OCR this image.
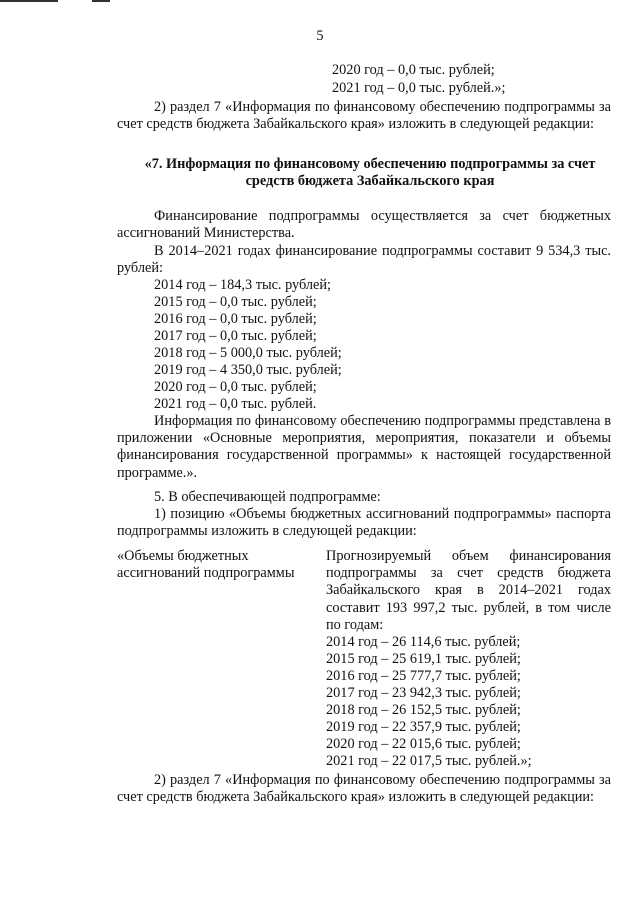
5
2020 год – 0,0 тыс. рублей;
2021 год – 0,0 тыс. рублей.»;
2) раздел 7 «Информация по финансовому обеспечению подпрограммы за счет средств бюджета Забайкальского края» изложить в следующей редакции:
«7. Информация по финансовому обеспечению подпрограммы за счет средств бюджета Забайкальского края
Финансирование подпрограммы осуществляется за счет бюджетных ассигнований Министерства.
В 2014–2021 годах финансирование подпрограммы составит 9 534,3 тыс. рублей:
2014 год – 184,3 тыс. рублей;
2015 год – 0,0 тыс. рублей;
2016 год – 0,0 тыс. рублей;
2017 год – 0,0 тыс. рублей;
2018 год – 5 000,0 тыс. рублей;
2019 год – 4 350,0 тыс. рублей;
2020 год – 0,0 тыс. рублей;
2021 год – 0,0 тыс. рублей.
Информация по финансовому обеспечению подпрограммы представлена в приложении «Основные мероприятия, мероприятия, показатели и объемы финансирования государственной программы» к настоящей государственной программе.».
5. В обеспечивающей подпрограмме:
1) позицию «Объемы бюджетных ассигнований подпрограммы» паспорта подпрограммы изложить в следующей редакции:
«Объемы бюджетных ассигнований подпрограммы
Прогнозируемый объем финансирования подпрограммы за счет средств бюджета Забайкальского края в 2014–2021 годах составит 193 997,2 тыс. рублей, в том числе по годам:
2014 год – 26 114,6 тыс. рублей;
2015 год – 25 619,1 тыс. рублей;
2016 год – 25 777,7 тыс. рублей;
2017 год – 23 942,3 тыс. рублей;
2018 год – 26 152,5 тыс. рублей;
2019 год – 22 357,9 тыс. рублей;
2020 год – 22 015,6 тыс. рублей;
2021 год – 22 017,5 тыс. рублей.»;
2) раздел 7 «Информация по финансовому обеспечению подпрограммы за счет средств бюджета Забайкальского края» изложить в следующей редакции:
